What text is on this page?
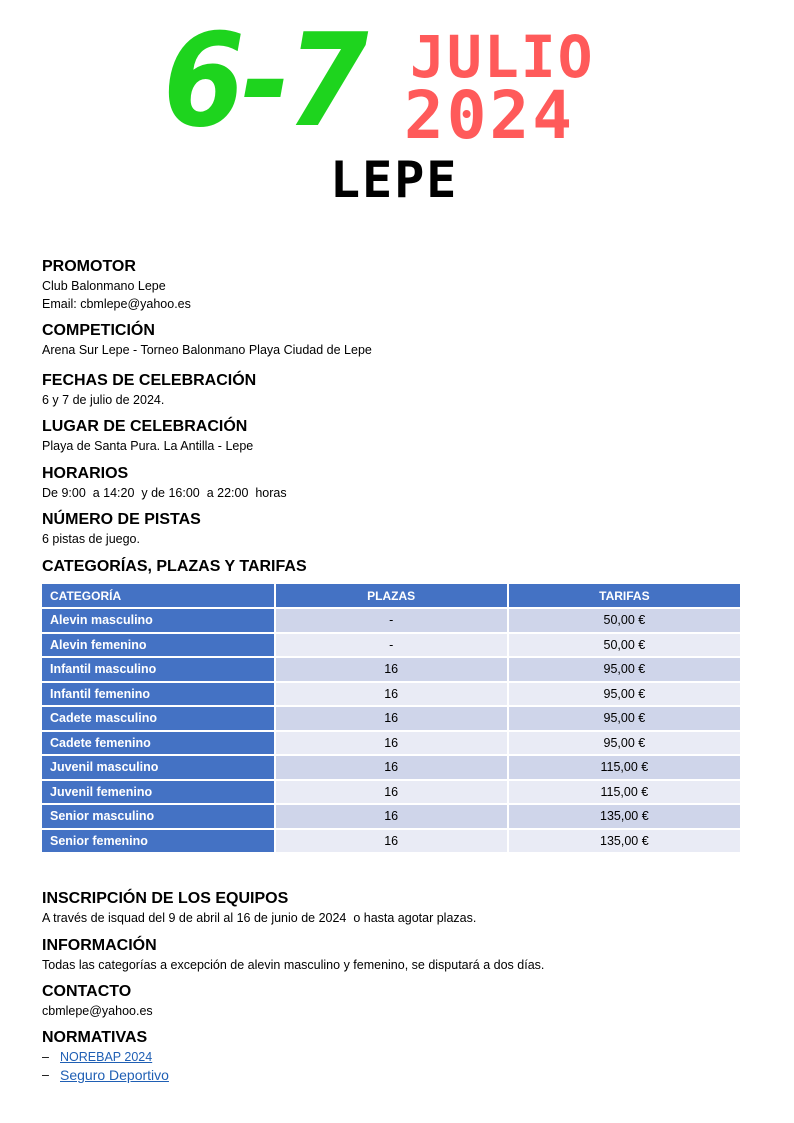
6-7 JULIO
2024
LEPE
PROMOTOR

Club Balonmano Lepe

Email: cbmlepe@yahoo.es

COMPETICIÓN

Arena Sur Lepe - Torneo Balonmano Playa Ciudad de Lepe

FECHAS DE CELEBRACIÓN

6 y 7 de julio de 2024.

LUGAR DE CELEBRACIÓN

Playa de Santa Pura. La Antilla - Lepe

HORARIOS

De 9:00  a 14:20  y de 16:00  a 22:00  horas

NÚMERO DE PISTAS

6 pistas de juego.

CATEGORÍAS, PLAZAS Y TARIFAS
CATEGORÍA	PLAZAS	TARIFAS
Alevin masculino	-	50,00 €
Alevin femenino	-	50,00 €
Infantil masculino	16	95,00 €
Infantil femenino	16	95,00 €
Cadete masculino	16	95,00 €
Cadete femenino	16	95,00 €
Juvenil masculino	16	115,00 €
Juvenil femenino	16	115,00 €
Senior masculino	16	135,00 €
Senior femenino	16	135,00 €
INSCRIPCIÓN DE LOS EQUIPOS

A través de isquad del 9 de abril al 16 de junio de 2024  o hasta agotar plazas.

INFORMACIÓN

Todas las categorías a excepción de alevin masculino y femenino, se disputará a dos días.

CONTACTO

cbmlepe@yahoo.es

NORMATIVAS
– NOREBAP 2024
– Seguro Deportivo
